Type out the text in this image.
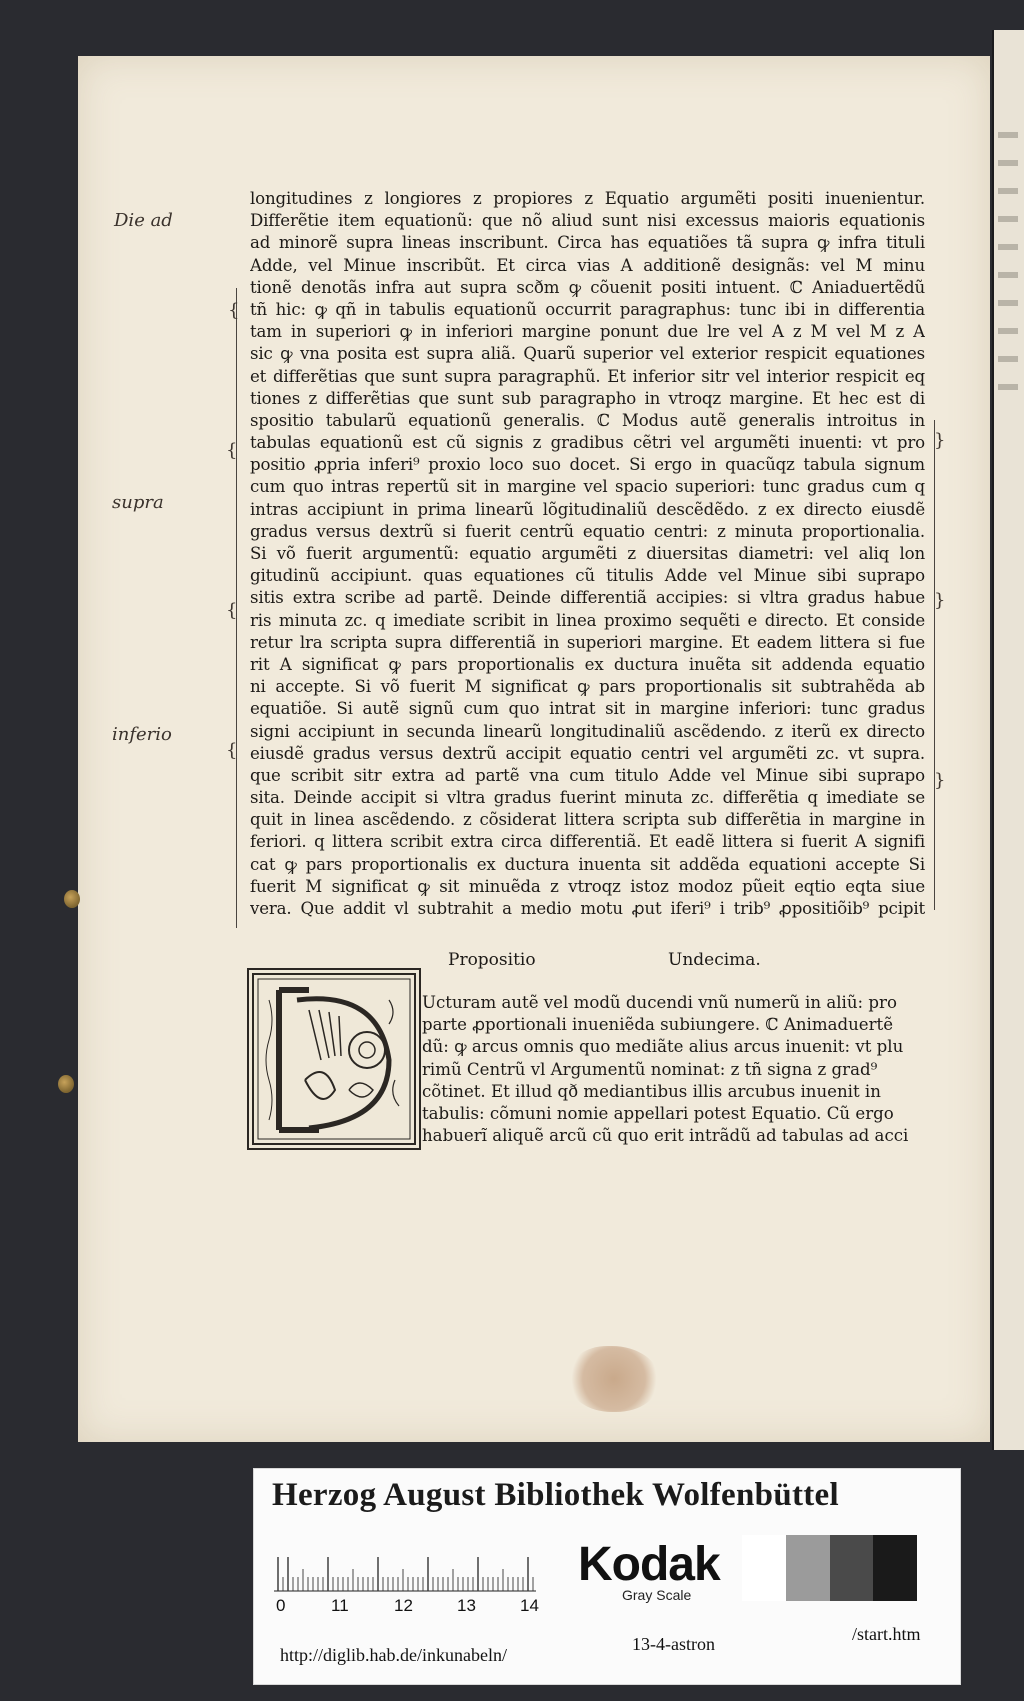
Die ad
supra
inferio
{
{
{
{
}
}
}
longitudines z longiores z propiores z Equatio argumẽti positi inuenientur.
Differẽtie item equationũ: que nõ aliud sunt nisi excessus maioris equationis
ad minorẽ supra lineas inscribunt. Circa has equatiões tã supra ꝙ infra tituli
Adde, vel Minue inscribũt. Et circa vias A additionẽ designãs: vel M minu
tionẽ denotãs infra aut supra scðm ꝙ cõuenit positi intuent. ℂ Aniaduertẽdũ
tñ hic: ꝙ qñ in tabulis equationũ occurrit paragraphus: tunc ibi in differentia
tam in superiori ꝙ in inferiori margine ponunt due lre vel A z M vel M z A
sic ꝙ vna posita est supra aliã. Quarũ superior vel exterior respicit equationes
et differẽtias que sunt supra paragraphũ. Et inferior sitr vel interior respicit eq
tiones z differẽtias que sunt sub paragrapho in vtroqz margine. Et hec est di
spositio tabularũ equationũ generalis. ℂ Modus autẽ generalis introitus in
tabulas equationũ est cũ signis z gradibus cẽtri vel argumẽti inuenti: vt pro
positio ꝓpria inferi⁹ proxio loco suo docet. Si ergo in quacũqz tabula signum
cum quo intras repertũ sit in margine vel spacio superiori: tunc gradus cum q
intras accipiunt in prima linearũ lõgitudinaliũ descẽdẽdo. z ex directo eiusdẽ
gradus versus dextrũ si fuerit centrũ equatio centri: z minuta proportionalia.
Si võ fuerit argumentũ: equatio argumẽti z diuersitas diametri: vel aliq lon
gitudinũ accipiunt. quas equationes cũ titulis Adde vel Minue sibi suprapo
sitis extra scribe ad partẽ. Deinde differentiã accipies: si vltra gradus habue
ris minuta zc. q imediate scribit in linea proximo sequẽti e directo. Et conside
retur lra scripta supra differentiã in superiori margine. Et eadem littera si fue
rit A significat ꝙ pars proportionalis ex ductura inuẽta sit addenda equatio
ni accepte. Si võ fuerit M significat ꝙ pars proportionalis sit subtrahẽda ab
equatiõe. Si autẽ signũ cum quo intrat sit in margine inferiori: tunc gradus
signi accipiunt in secunda linearũ longitudinaliũ ascẽdendo. z iterũ ex directo
eiusdẽ gradus versus dextrũ accipit equatio centri vel argumẽti zc. vt supra.
que scribit sitr extra ad partẽ vna cum titulo Adde vel Minue sibi suprapo
sita. Deinde accipit si vltra gradus fuerint minuta zc. differẽtia q imediate se
quit in linea ascẽdendo. z cõsiderat littera scripta sub differẽtia in margine in
feriori. q littera scribit extra circa differentiã. Et eadẽ littera si fuerit A signifi
cat ꝙ pars proportionalis ex ductura inuenta sit addẽda equationi accepte Si
fuerit M significat ꝙ sit minuẽda z vtroqz istoz modoz pũeit eqtio eqta siue
vera. Que addit vl subtrahit a medio motu ꝓut iferi⁹ i trib⁹ ꝓpositiõib⁹ pcipit
Propositio	Undecima.
Ucturam autẽ vel modũ ducendi vnũ numerũ in aliũ: pro
parte ꝓportionali inueniẽda subiungere. ℂ Animaduertẽ
dũ: ꝙ arcus omnis quo mediãte alius arcus inuenit: vt plu
rimũ Centrũ vl Argumentũ nominat: z tñ signa z grad⁹
cõtinet. Et illud qð mediantibus illis arcubus inuenit in
tabulis: cõmuni nomie appellari potest Equatio. Cũ ergo
habuerĩ aliquẽ arcũ cũ quo erit intrãdũ ad tabulas ad acci
Herzog August Bibliothek Wolfenbüttel
0	11	12	13	14
Kodak
Gray Scale
http://diglib.hab.de/inkunabeln/
13-4-astron	/start.htm
